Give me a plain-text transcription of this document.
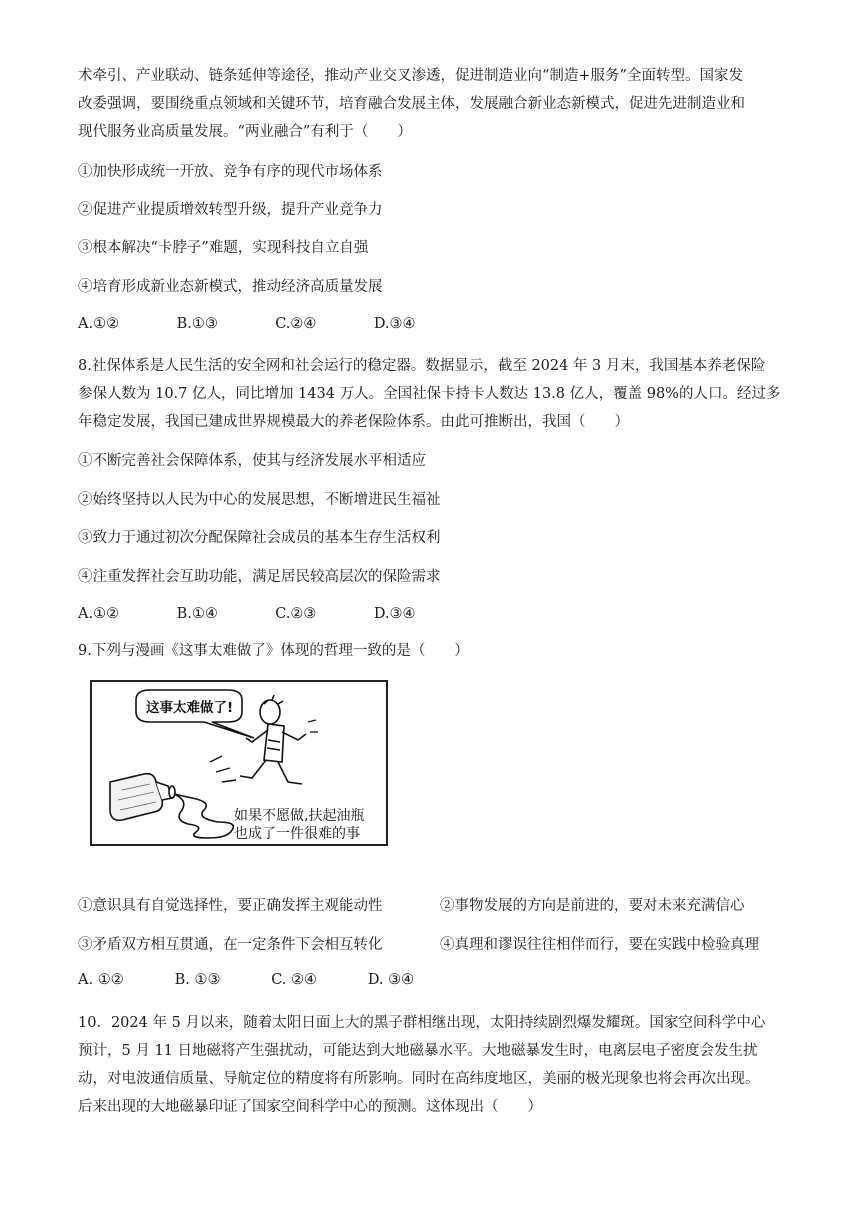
术牵引、产业联动、链条延伸等途径，推动产业交叉渗透，促进制造业向“制造+服务”全面转型。国家发
改委强调，要围绕重点领域和关键环节，培育融合发展主体，发展融合新业态新模式，促进先进制造业和
现代服务业高质量发展。“两业融合”有利于（　　）
①加快形成统一开放、竞争有序的现代市场体系
②促进产业提质增效转型升级，提升产业竞争力
③根本解决“卡脖子”难题，实现科技自立自强
④培育形成新业态新模式，推动经济高质量发展
A.①②	B.①③	C.②④	D.③④
8.社保体系是人民生活的安全网和社会运行的稳定器。数据显示，截至 2024 年 3 月末，我国基本养老保险
参保人数为 10.7 亿人，同比增加 1434 万人。全国社保卡持卡人数达 13.8 亿人，覆盖 98%的人口。经过多
年稳定发展，我国已建成世界规模最大的养老保险体系。由此可推断出，我国（　　）
①不断完善社会保障体系，使其与经济发展水平相适应
②始终坚持以人民为中心的发展思想，不断增进民生福祉
③致力于通过初次分配保障社会成员的基本生存生活权利
④注重发挥社会互助功能，满足居民较高层次的保险需求
A.①②	B.①④	C.②③	D.③④
9.下列与漫画《这事太难做了》体现的哲理一致的是（　　）
这事太难做了!
如果不愿做,扶起油瓶
也成了一件很难的事
①意识具有自觉选择性，要正确发挥主观能动性	②事物发展的方向是前进的，要对未来充满信心
③矛盾双方相互贯通，在一定条件下会相互转化	④真理和谬误往往相伴而行，要在实践中检验真理
A. ①②	B. ①③	C. ②④	D. ③④
10．2024 年 5 月以来，随着太阳日面上大的黑子群相继出现，太阳持续剧烈爆发耀斑。国家空间科学中心
预计，5 月 11 日地磁将产生强扰动，可能达到大地磁暴水平。大地磁暴发生时，电离层电子密度会发生扰
动，对电波通信质量、导航定位的精度将有所影响。同时在高纬度地区，美丽的极光现象也将会再次出现。
后来出现的大地磁暴印证了国家空间科学中心的预测。这体现出（　　）
